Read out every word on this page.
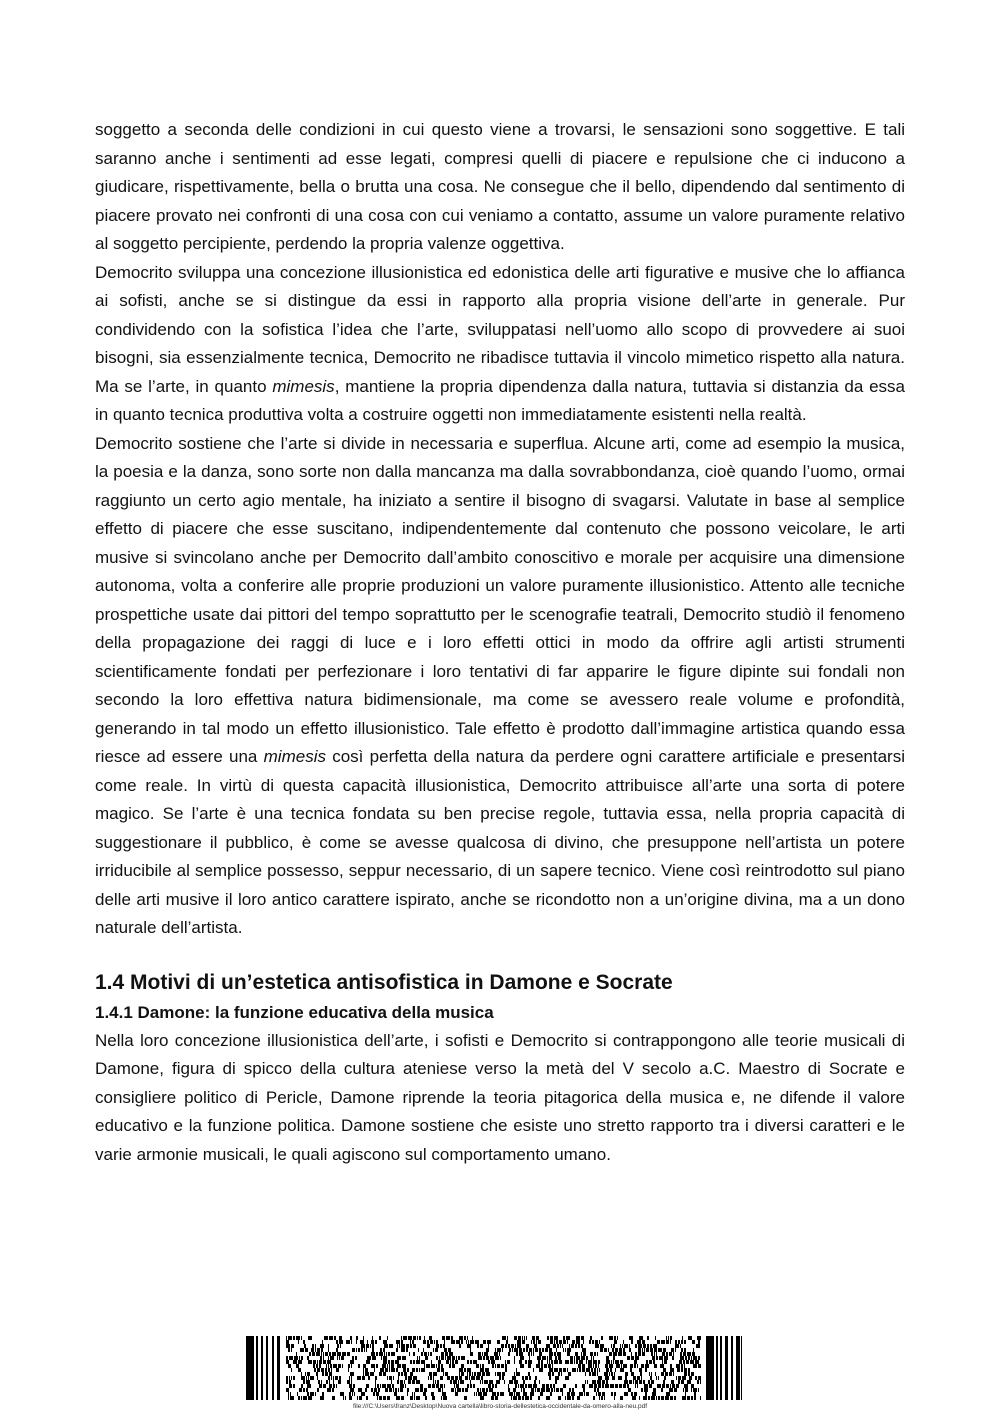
soggetto a seconda delle condizioni in cui questo viene a trovarsi, le sensazioni sono soggettive. E tali saranno anche i sentimenti ad esse legati, compresi quelli di piacere e repulsione che ci inducono a giudicare, rispettivamente, bella o brutta una cosa. Ne consegue che il bello, dipendendo dal sentimento di piacere provato nei confronti di una cosa con cui veniamo a contatto, assume un valore puramente relativo al soggetto percipiente, perdendo la propria valenze oggettiva.

Democrito sviluppa una concezione illusionistica ed edonistica delle arti figurative e musive che lo affianca ai sofisti, anche se si distingue da essi in rapporto alla propria visione dell’arte in generale. Pur condividendo con la sofistica l’idea che l’arte, sviluppatasi nell’uomo allo scopo di provvedere ai suoi bisogni, sia essenzialmente tecnica, Democrito ne ribadisce tuttavia il vincolo mimetico rispetto alla natura. Ma se l’arte, in quanto mimesis, mantiene la propria dipendenza dalla natura, tuttavia si distanzia da essa in quanto tecnica produttiva volta a costruire oggetti non immediatamente esistenti nella realtà.

Democrito sostiene che l’arte si divide in necessaria e superflua. Alcune arti, come ad esempio la musica, la poesia e la danza, sono sorte non dalla mancanza ma dalla sovrabbondanza, cioè quando l’uomo, ormai raggiunto un certo agio mentale, ha iniziato a sentire il bisogno di svagarsi. Valutate in base al semplice effetto di piacere che esse suscitano, indipendentemente dal contenuto che possono veicolare, le arti musive si svincolano anche per Democrito dall’ambito conoscitivo e morale per acquisire una dimensione autonoma, volta a conferire alle proprie produzioni un valore puramente illusionistico. Attento alle tecniche prospettiche usate dai pittori del tempo soprattutto per le scenografie teatrali, Democrito studiò il fenomeno della propagazione dei raggi di luce e i loro effetti ottici in modo da offrire agli artisti strumenti scientificamente fondati per perfezionare i loro tentativi di far apparire le figure dipinte sui fondali non secondo la loro effettiva natura bidimensionale, ma come se avessero reale volume e profondità, generando in tal modo un effetto illusionistico. Tale effetto è prodotto dall’immagine artistica quando essa riesce ad essere una mimesis così perfetta della natura da perdere ogni carattere artificiale e presentarsi come reale. In virtù di questa capacità illusionistica, Democrito attribuisce all’arte una sorta di potere magico. Se l’arte è una tecnica fondata su ben precise regole, tuttavia essa, nella propria capacità di suggestionare il pubblico, è come se avesse qualcosa di divino, che presuppone nell’artista un potere irriducibile al semplice possesso, seppur necessario, di un sapere tecnico. Viene così reintrodotto sul piano delle arti musive il loro antico carattere ispirato, anche se ricondotto non a un’origine divina, ma a un dono naturale dell’artista.

1.4 Motivi di un’estetica antisofistica in Damone e Socrate
1.4.1 Damone: la funzione educativa della musica

Nella loro concezione illusionistica dell’arte, i sofisti e Democrito si contrappongono alle teorie musicali di Damone, figura di spicco della cultura ateniese verso la metà del V secolo a.C. Maestro di Socrate e consigliere politico di Pericle, Damone riprende la teoria pitagorica della musica e, ne difende il valore educativo e la funzione politica. Damone sostiene che esiste uno stretto rapporto tra i diversi caratteri e le varie armonie musicali, le quali agiscono sul comportamento umano.

file:///C:\Users\franz\Desktop\Nuova cartella\libro-storia-dellestetica-occidentale-da-omero-alla-neu.pdf
